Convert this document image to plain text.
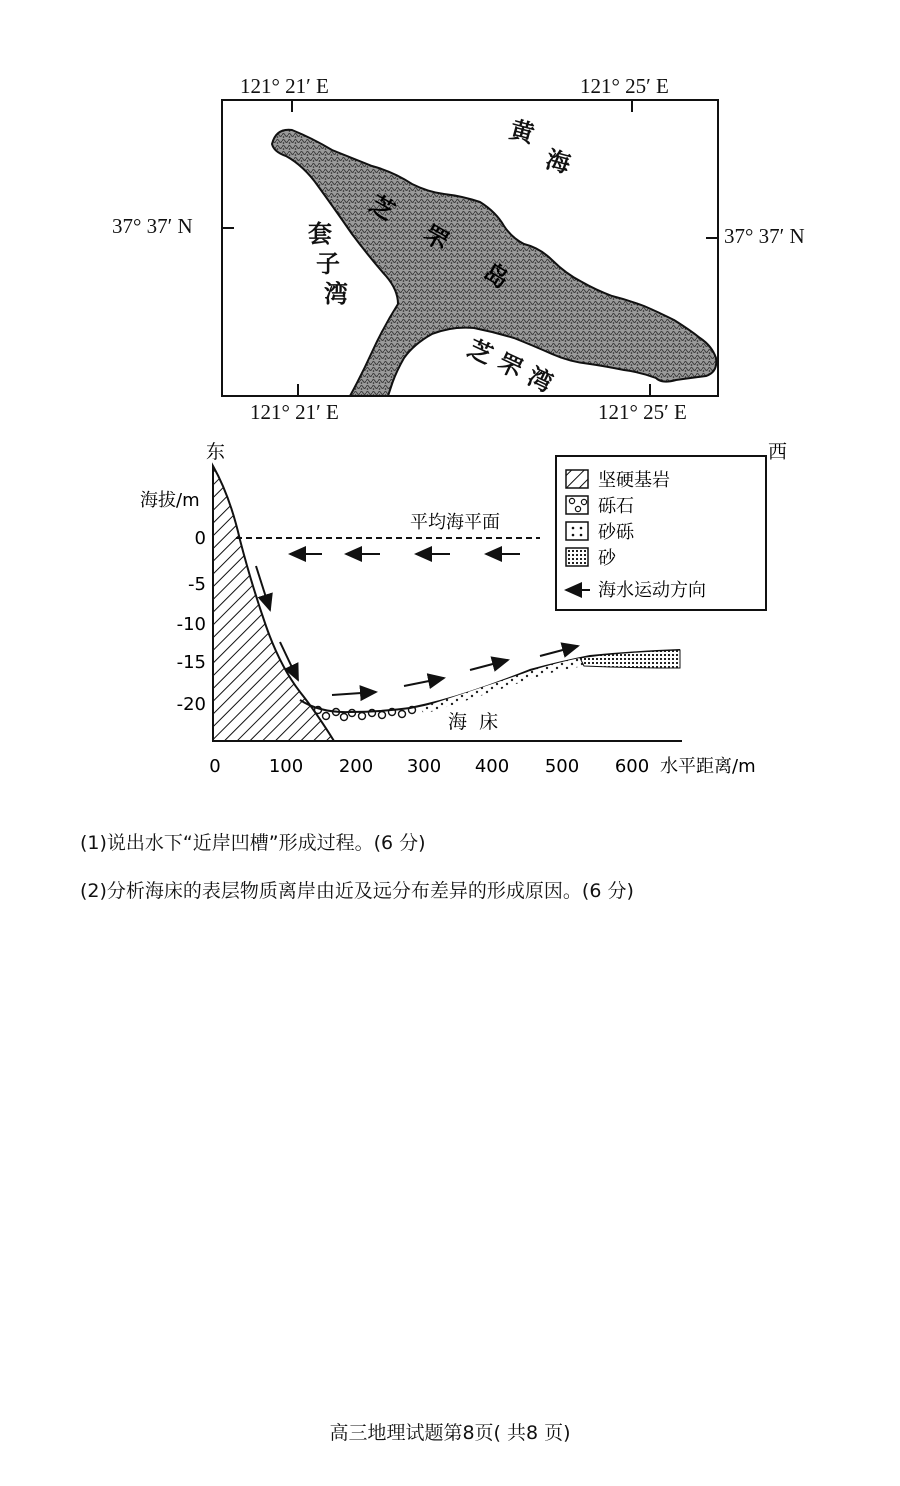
121° 21′ E	121° 25′ E
37° 37′ N	37° 37′ N
121° 21′ E	121° 25′ E
黄
海
套
子
湾
芝
罘
岛
芝
罘
湾
东	西
海拔/m
0
-5
-10
-15
-20
0	100 200 300 400 500 600 水平距离/m
平均海平面
海  床
坚硬基岩
砾石
砂砾
砂
海水运动方向
(1)说出水下“近岸凹槽”形成过程。(6 分)
(2)分析海床的表层物质离岸由近及远分布差异的形成原因。(6 分)
高三地理试题第8页( 共8 页)
